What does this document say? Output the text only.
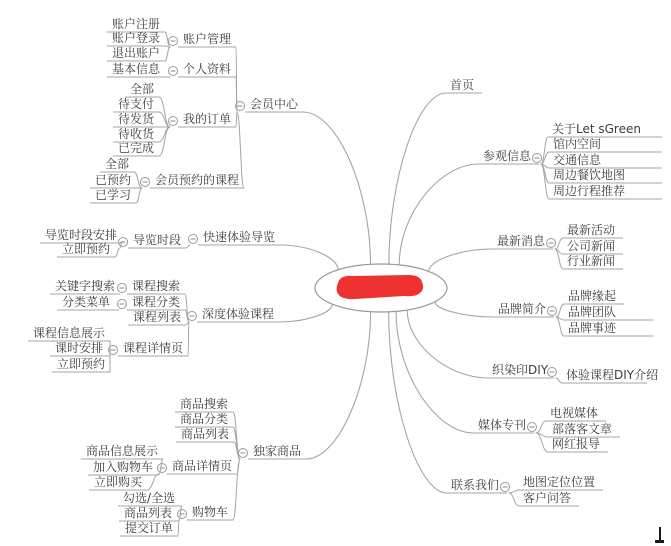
会员中心
账户管理
账户注册
账户登录
退出账户
个人资料
基本信息
我的订单
全部
待支付
待发货
待收货
已完成
会员预约的课程
全部
已预约
已学习
快速体验导览
导览时段
导览时段安排
立即预约
深度体验课程
课程搜索
关键字搜索
课程分类
分类菜单
课程列表
课程详情页
课程信息展示
课时安排
立即预约
独家商品
商品搜索
商品分类
商品列表
商品详情页
商品信息展示
加入购物车
立即购买
购物车
勾选/全选
商品列表
提交订单
首页
参观信息
关于Let sGreen
馆内空间
交通信息
周边餐饮地图
周边行程推荐
最新消息
最新活动
公司新闻
行业新闻
品牌简介
品牌缘起
品牌团队
品牌事迹
织染印DIY 体验课程DIY介绍
媒体专刊
电视媒体
部落客文章
网红报导
联系我们 地图定位位置
客户问答
